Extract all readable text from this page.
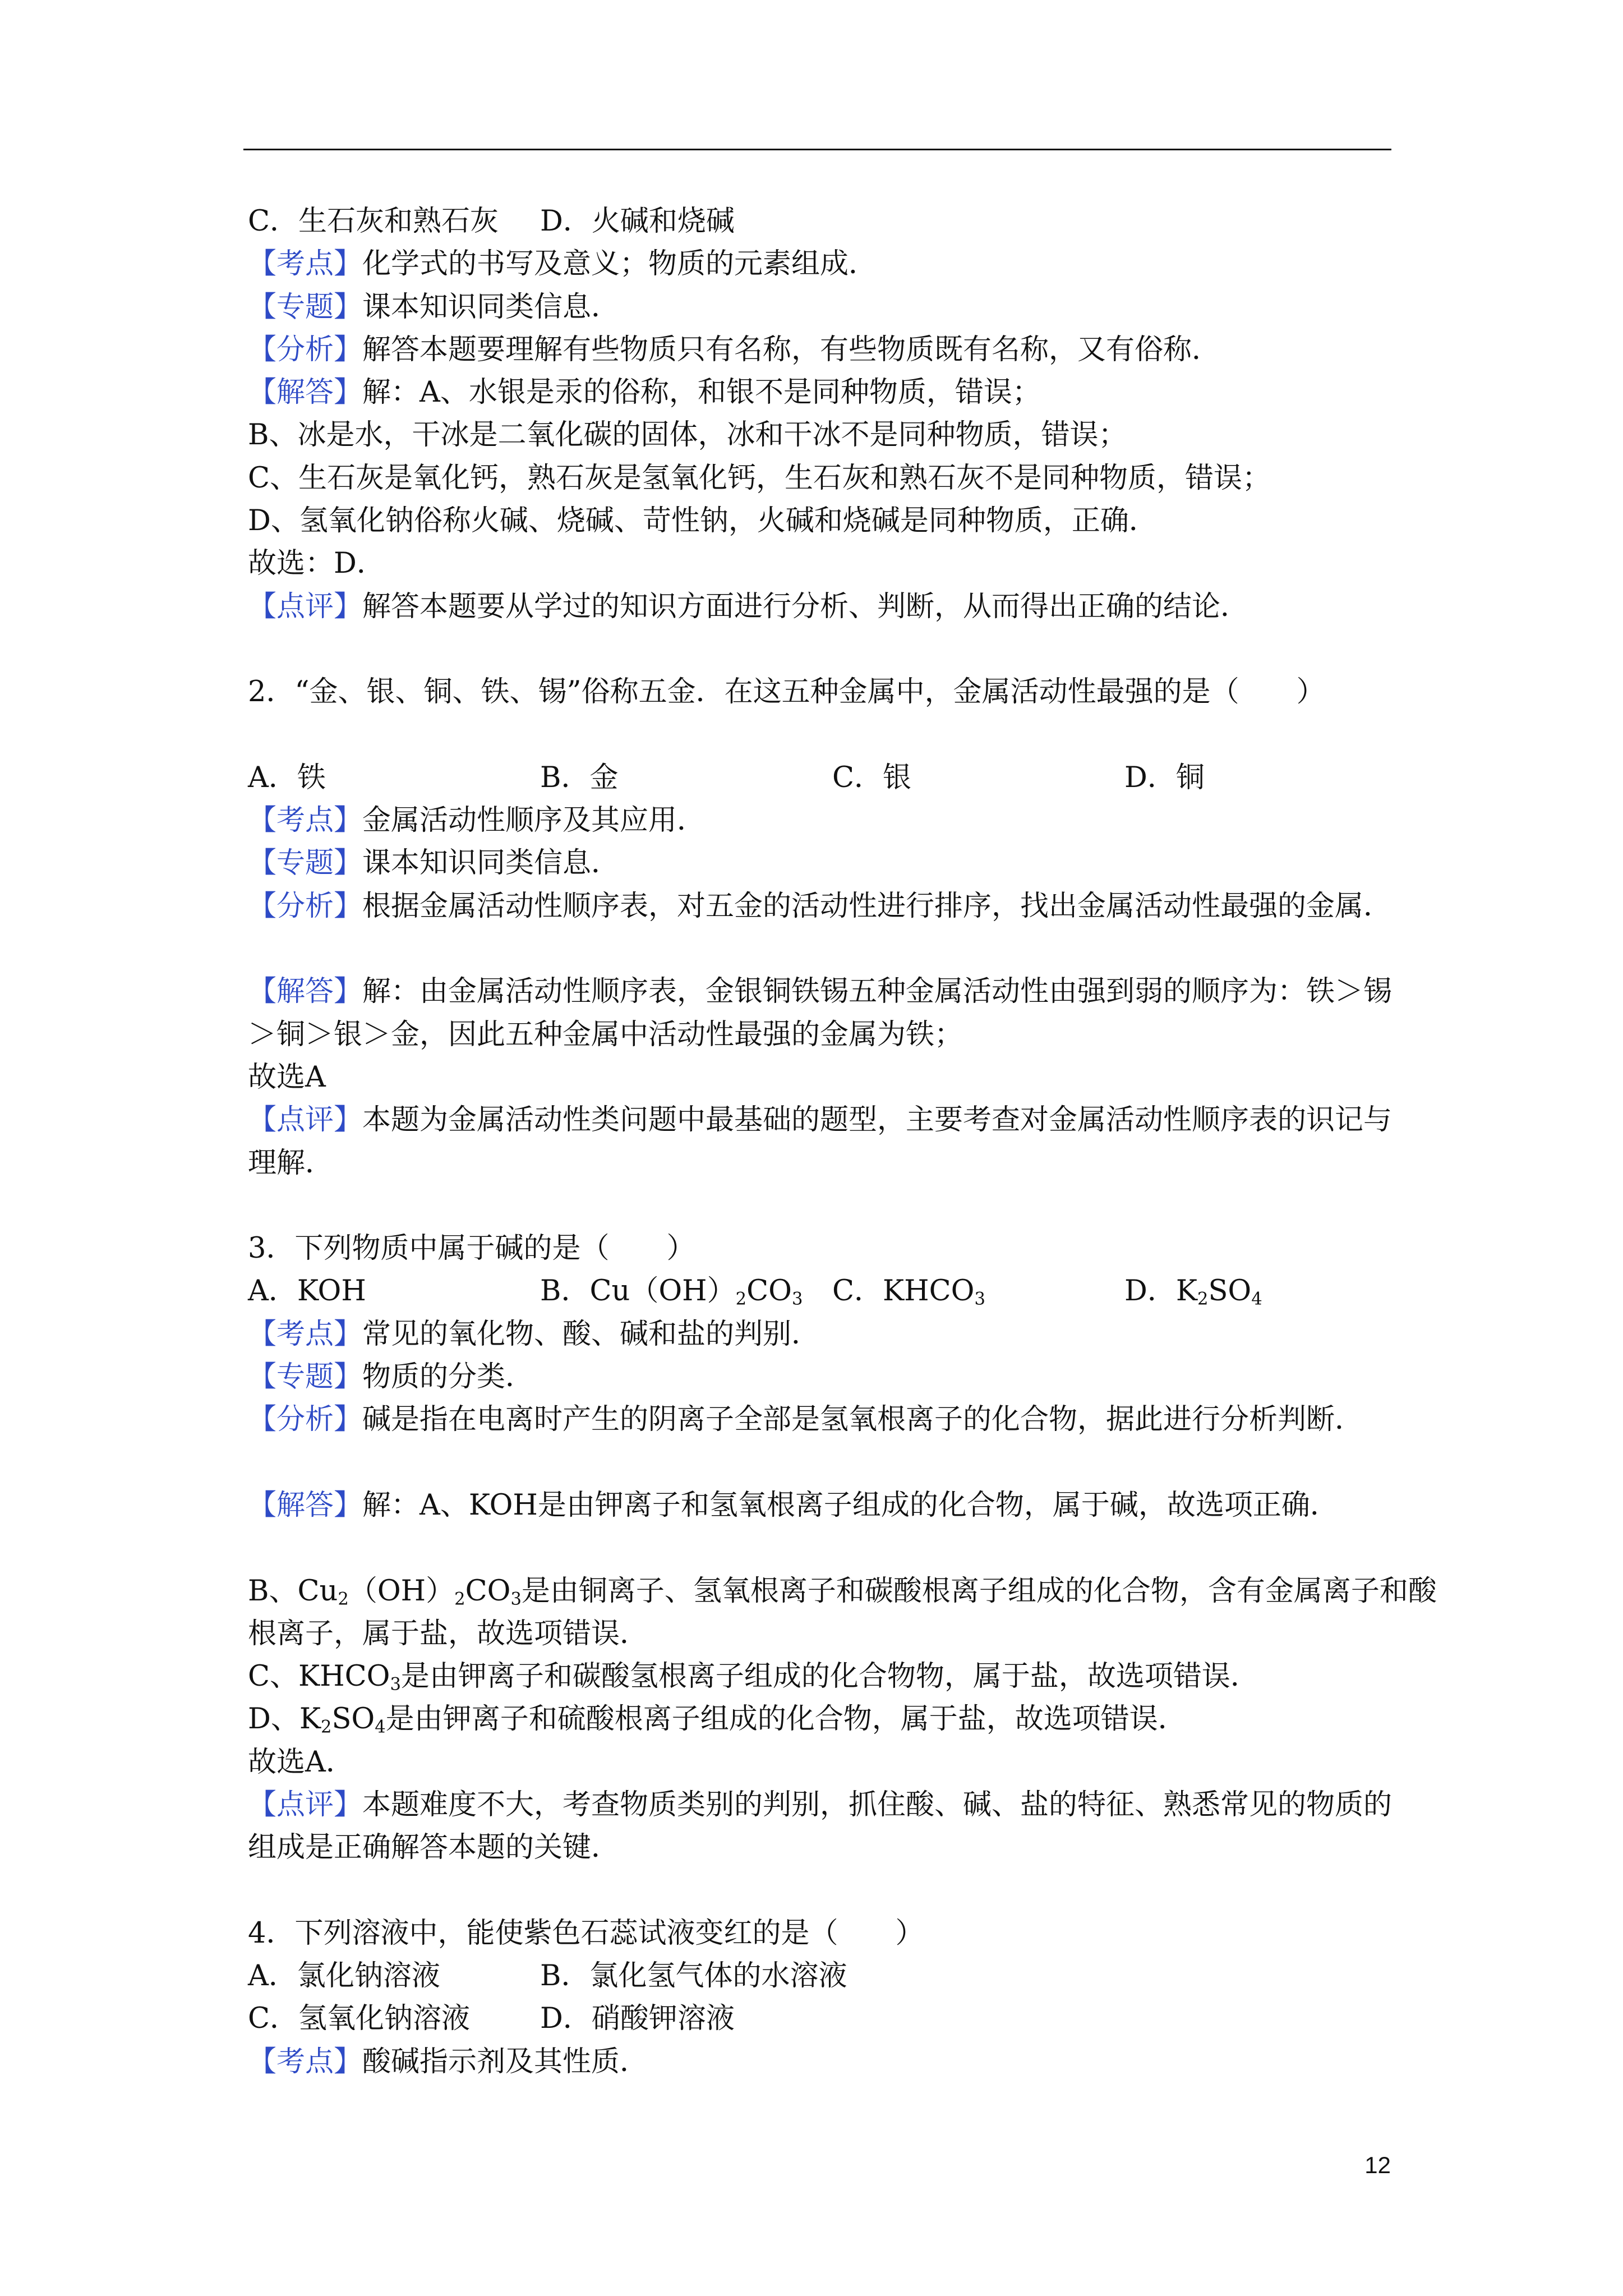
C．生石灰和熟石灰 D．火碱和烧碱
【考点】化学式的书写及意义；物质的元素组成．
【专题】课本知识同类信息．
【分析】解答本题要理解有些物质只有名称，有些物质既有名称，又有俗称．
【解答】解：A、水银是汞的俗称，和银不是同种物质，错误；
B、冰是水，干冰是二氧化碳的固体，冰和干冰不是同种物质，错误；
C、生石灰是氧化钙，熟石灰是氢氧化钙，生石灰和熟石灰不是同种物质，错误；
D、氢氧化钠俗称火碱、烧碱、苛性钠，火碱和烧碱是同种物质，正确．
故选：D．
【点评】解答本题要从学过的知识方面进行分析、判断，从而得出正确的结论．
2．“金、银、铜、铁、锡”俗称五金．在这五种金属中，金属活动性最强的是（　　）
A．铁	B．金	C．银	D．铜
【考点】金属活动性顺序及其应用．
【专题】课本知识同类信息．
【分析】根据金属活动性顺序表，对五金的活动性进行排序，找出金属活动性最强的金属．
【解答】解：由金属活动性顺序表，金银铜铁锡五种金属活动性由强到弱的顺序为：铁＞锡
＞铜＞银＞金，因此五种金属中活动性最强的金属为铁；
故选A
【点评】本题为金属活动性类问题中最基础的题型，主要考查对金属活动性顺序表的识记与
理解．
3．下列物质中属于碱的是（　　）
A．KOH	B．$Cu(OH)_2CO_3$ C．$KHCO_3$	D．$K_2SO_4$
【考点】常见的氧化物、酸、碱和盐的判别．
【专题】物质的分类．
【分析】碱是指在电离时产生的阴离子全部是氢氧根离子的化合物，据此进行分析判断．
【解答】解：A、KOH是由钾离子和氢氧根离子组成的化合物，属于碱，故选项正确．
B、$Cu_2(OH)_2CO_3$是由铜离子、氢氧根离子和碳酸根离子组成的化合物，含有金属离子和酸
根离子，属于盐，故选项错误．
C、$KHCO_3$是由钾离子和碳酸氢根离子组成的化合物物，属于盐，故选项错误．
D、$K_2SO_4$是由钾离子和硫酸根离子组成的化合物，属于盐，故选项错误．
故选A．
【点评】本题难度不大，考查物质类别的判别，抓住酸、碱、盐的特征、熟悉常见的物质的
组成是正确解答本题的关键．
4．下列溶液中，能使紫色石蕊试液变红的是（　　）
A．氯化钠溶液	B．氯化氢气体的水溶液
C．氢氧化钠溶液 D．硝酸钾溶液
【考点】酸碱指示剂及其性质．
12
